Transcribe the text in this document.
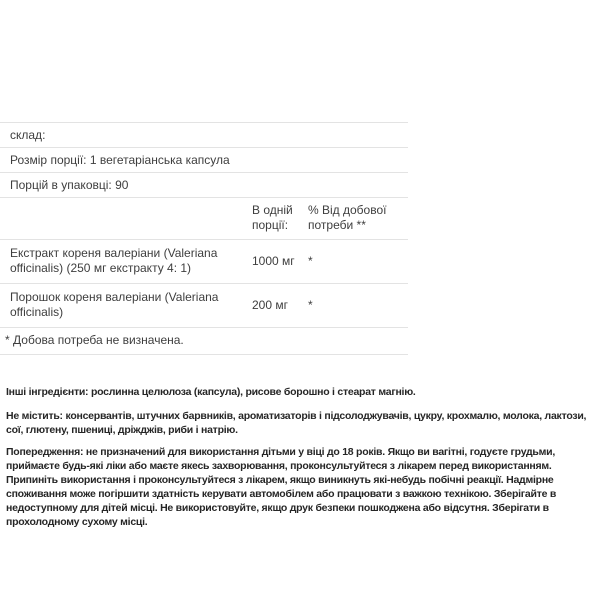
склад:
Розмір порції: 1 вегетаріанська капсула
Порцій в упаковці: 90
В одній порції:
% Від добової потреби **
Екстракт кореня валеріани (Valeriana officinalis) (250 мг екстракту 4: 1)
1000 мг	*
Порошок кореня валеріани (Valeriana officinalis)
200 мг	*
* Добова потреба не визначена.

Інші інгредієнти: рослинна целюлоза (капсула), рисове борошно і стеарат магнію.

Не містить: консервантів, штучних барвників, ароматизаторів і підсолоджувачів, цукру, крохмалю, молока, лактози, сої, глютену, пшениці, дріжджів, риби і натрію.

Попередження: не призначений для використання дітьми у віці до 18 років. Якщо ви вагітні, годуєте грудьми, приймаєте будь-які ліки або маєте якесь захворювання, проконсультуйтеся з лікарем перед використанням. Припиніть використання і проконсультуйтеся з лікарем, якщо виникнуть які-небудь побічні реакції. Надмірне споживання може погіршити здатність керувати автомобілем або працювати з важкою технікою. Зберігайте в недоступному для дітей місці. Не використовуйте, якщо друк безпеки пошкоджена або відсутня. Зберігати в прохолодному сухому місці.
